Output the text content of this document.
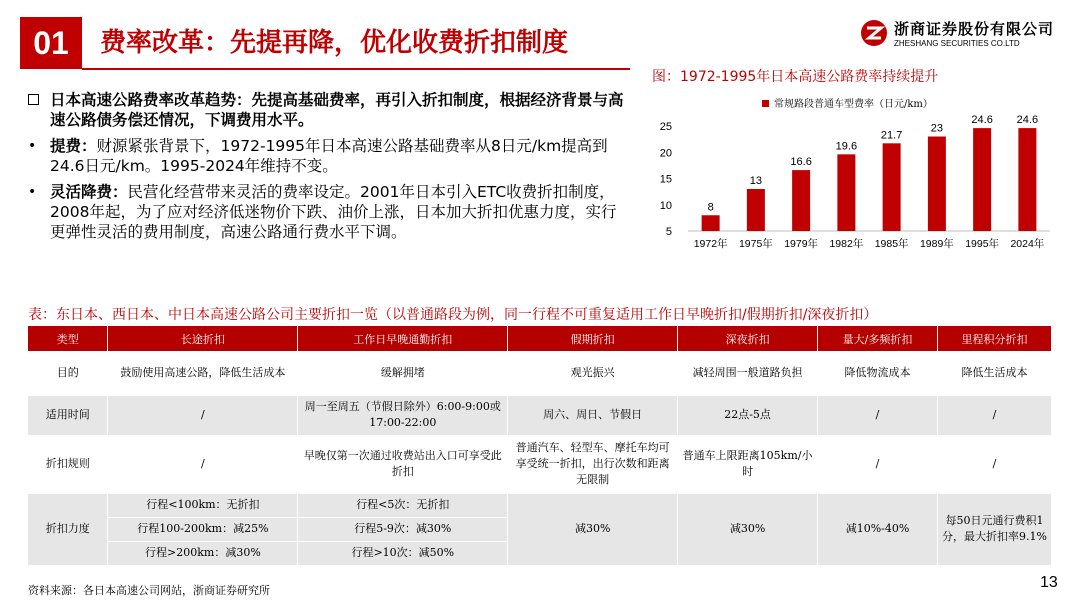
01	费率改革：先提再降，优化收费折扣制度	浙商证券股份有限公司
ZHESHANG SECURITIES CO.LTD
日本高速公路费率改革趋势：先提高基础费率，再引入折扣制度，根据经济背景与高速公路债务偿还情况，下调费用水平。
• 提费：财源紧张背景下，1972-1995年日本高速公路基础费率从8日元/km提高到24.6日元/km。1995-2024年维持不变。
• 灵活降费：民营化经营带来灵活的费率设定。2001年日本引入ETC收费折扣制度，2008年起，为了应对经济低迷物价下跌、油价上涨，日本加大折扣优惠力度，实行更弹性灵活的费用制度，高速公路通行费水平下调。
图：1972-1995年日本高速公路费率持续提升
常规路段普通车型费率（日元/km）
5
10
15
20
25
8
1972年
13
1975年
16.6
1979年
19.6
1982年
21.7
1985年
23
1989年
24.6
1995年
24.6
2024年
表：东日本、西日本、中日本高速公路公司主要折扣一览（以普通路段为例，同一行程不可重复适用工作日早晚折扣/假期折扣/深夜折扣）
类型	长途折扣	工作日早晚通勤折扣	假期折扣	深夜折扣	量大/多频折扣	里程积分折扣
目的	鼓励使用高速公路，降低生活成本	缓解拥堵	观光振兴	减轻周围一般道路负担	降低物流成本	降低生活成本
适用时间	/	周一至周五（节假日除外）6:00-9:00或17:00-22:00	周六、周日、节假日	22点-5点	/	/
折扣规则	/	早晚仅第一次通过收费站出入口可享受此折扣	普通汽车、轻型车、摩托车均可享受统一折扣，出行次数和距离无限制	普通车上限距离105km/小时	/	/
折扣力度	行程<100km：无折扣	行程<5次：无折扣	减30%	减30%	减10%-40%	每50日元通行费积1分，最大折扣率9.1%
	行程100-200km：减25%	行程5-9次：减30%				
	行程>200km：减30%	行程>10次：减50%				
资料来源：各日本高速公司网站，浙商证券研究所	13
